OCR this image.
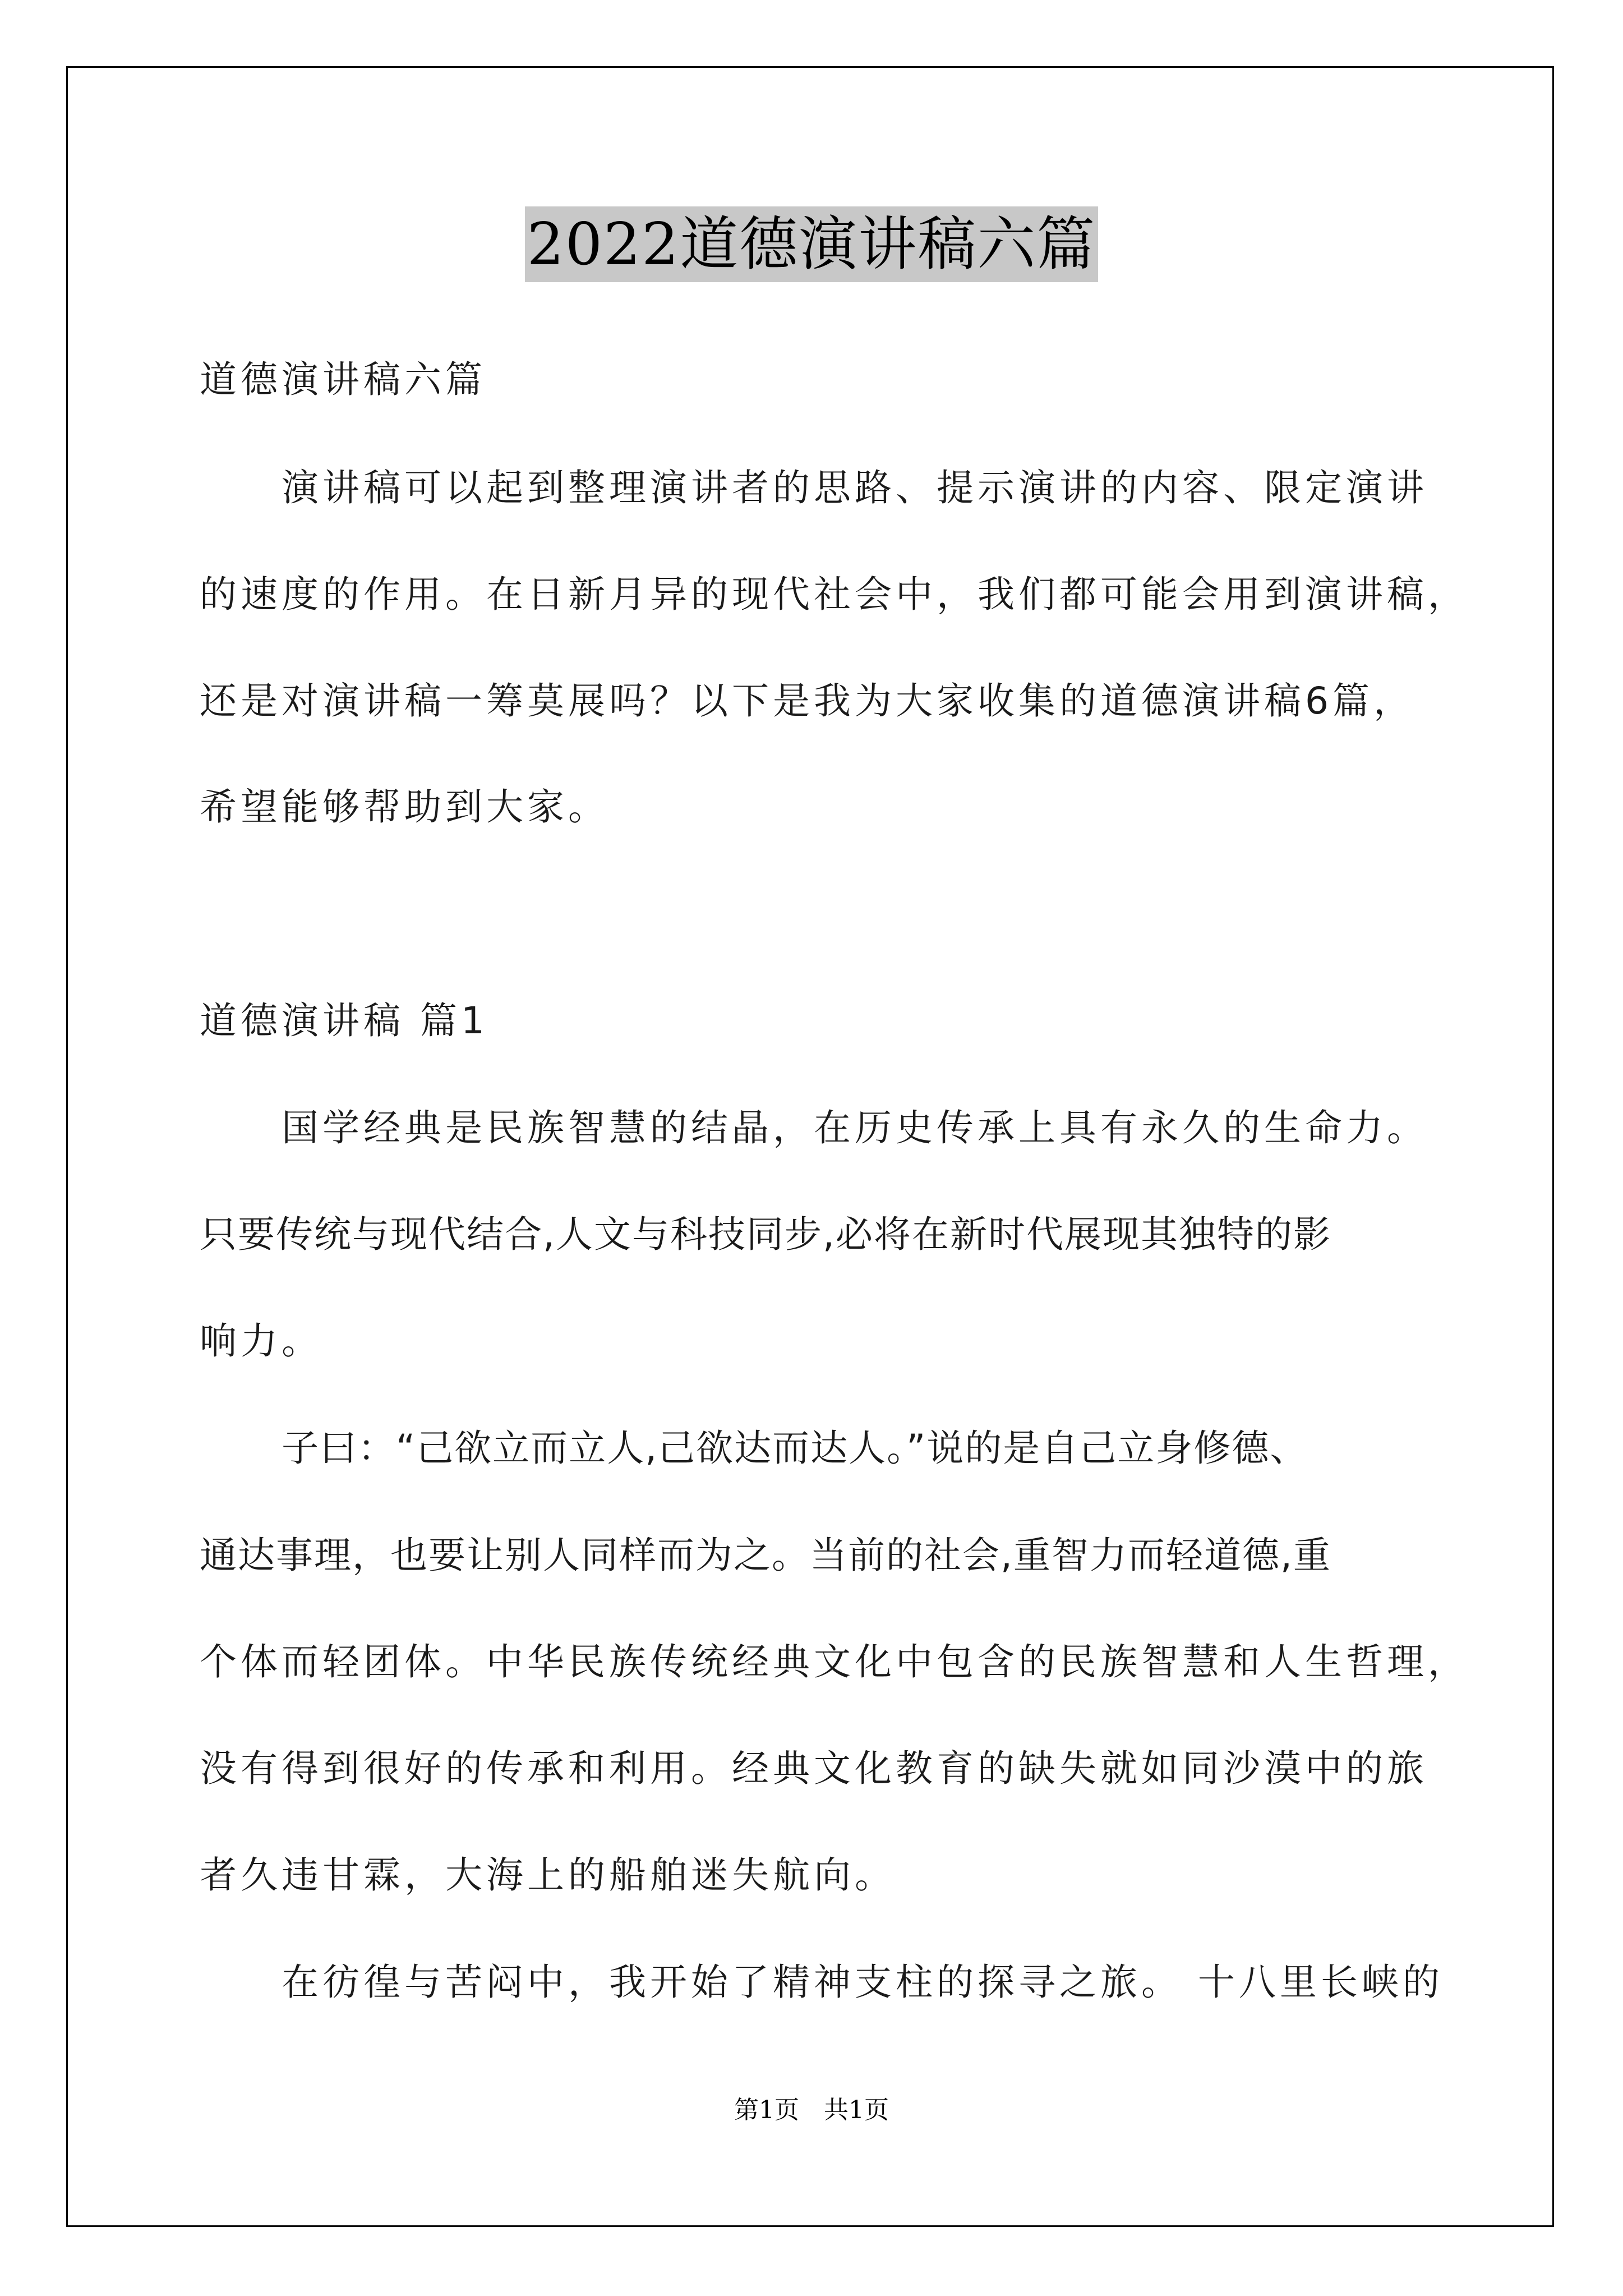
2022道德演讲稿六篇
道德演讲稿六篇
演讲稿可以起到整理演讲者的思路、提示演讲的内容、限定演讲
的速度的作用。在日新月异的现代社会中，我们都可能会用到演讲稿，
还是对演讲稿一筹莫展吗？以下是我为大家收集的道德演讲稿6篇，
希望能够帮助到大家。
道德演讲稿 篇1
国学经典是民族智慧的结晶，在历史传承上具有永久的生命力。
只要传统与现代结合,人文与科技同步,必将在新时代展现其独特的影
响力。
子曰：“己欲立而立人,己欲达而达人。”说的是自己立身修德、
通达事理，也要让别人同样而为之。当前的社会,重智力而轻道德,重
个体而轻团体。中华民族传统经典文化中包含的民族智慧和人生哲理，
没有得到很好的传承和利用。经典文化教育的缺失就如同沙漠中的旅
者久违甘霖，大海上的船舶迷失航向。
在彷徨与苦闷中，我开始了精神支柱的探寻之旅。 十八里长峡的
第1页　共1页
